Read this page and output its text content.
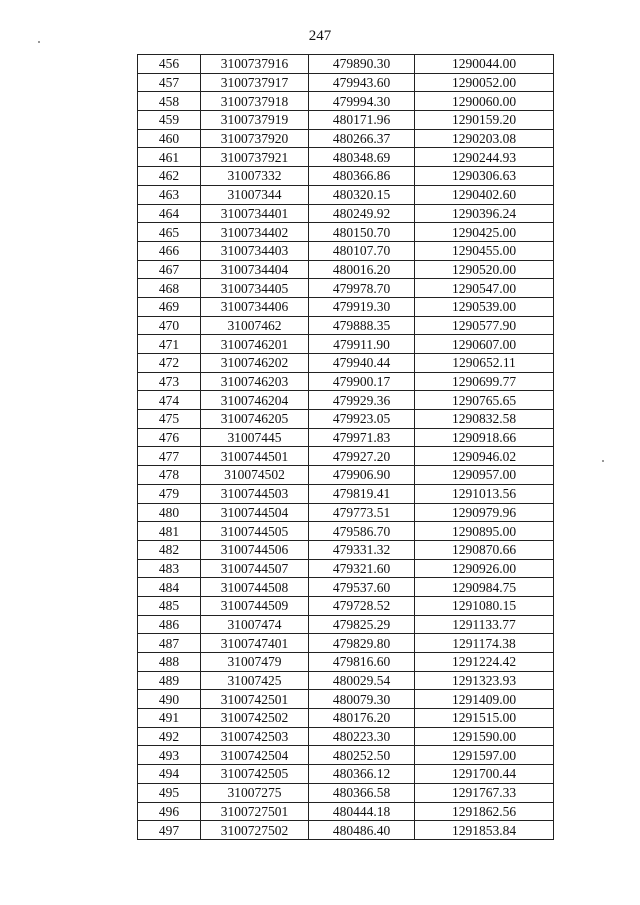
247
456	3100737916	479890.30	1290044.00
457	3100737917	479943.60	1290052.00
458	3100737918	479994.30	1290060.00
459	3100737919	480171.96	1290159.20
460	3100737920	480266.37	1290203.08
461	3100737921	480348.69	1290244.93
462	31007332	480366.86	1290306.63
463	31007344	480320.15	1290402.60
464	3100734401	480249.92	1290396.24
465	3100734402	480150.70	1290425.00
466	3100734403	480107.70	1290455.00
467	3100734404	480016.20	1290520.00
468	3100734405	479978.70	1290547.00
469	3100734406	479919.30	1290539.00
470	31007462	479888.35	1290577.90
471	3100746201	479911.90	1290607.00
472	3100746202	479940.44	1290652.11
473	3100746203	479900.17	1290699.77
474	3100746204	479929.36	1290765.65
475	3100746205	479923.05	1290832.58
476	31007445	479971.83	1290918.66
477	3100744501	479927.20	1290946.02
478	310074502	479906.90	1290957.00
479	3100744503	479819.41	1291013.56
480	3100744504	479773.51	1290979.96
481	3100744505	479586.70	1290895.00
482	3100744506	479331.32	1290870.66
483	3100744507	479321.60	1290926.00
484	3100744508	479537.60	1290984.75
485	3100744509	479728.52	1291080.15
486	31007474	479825.29	1291133.77
487	3100747401	479829.80	1291174.38
488	31007479	479816.60	1291224.42
489	31007425	480029.54	1291323.93
490	3100742501	480079.30	1291409.00
491	3100742502	480176.20	1291515.00
492	3100742503	480223.30	1291590.00
493	3100742504	480252.50	1291597.00
494	3100742505	480366.12	1291700.44
495	31007275	480366.58	1291767.33
496	3100727501	480444.18	1291862.56
497	3100727502	480486.40	1291853.84
